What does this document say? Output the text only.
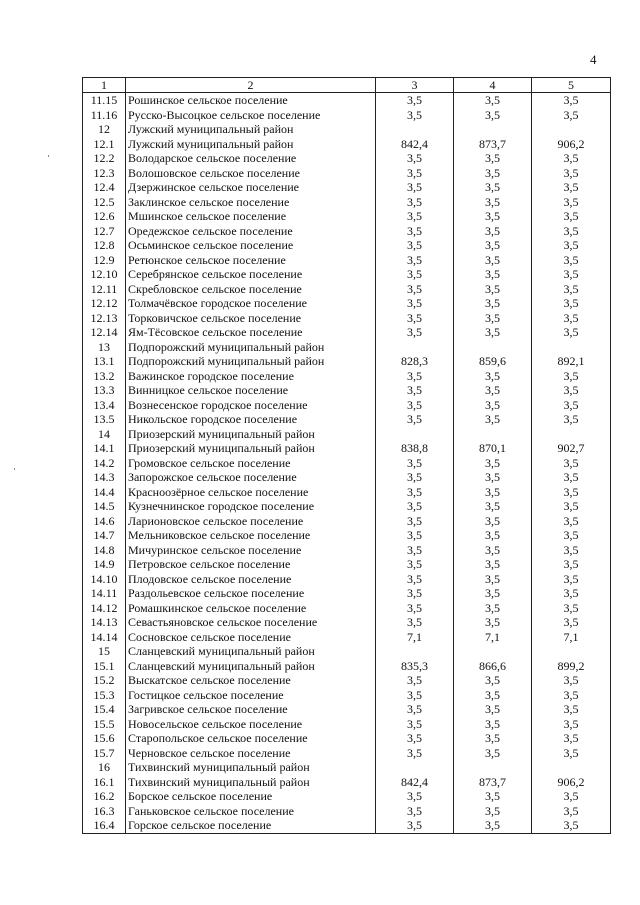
4
1	2	3	4	5
11.15	Рошинское сельское поселение	3,5	3,5	3,5
11.16	Русско-Высоцкое сельское поселение	3,5	3,5	3,5
12	Лужский муниципальный район			
12.1	Лужский муниципальный район	842,4	873,7	906,2
12.2	Володарское сельское поселение	3,5	3,5	3,5
12.3	Волошовское сельское поселение	3,5	3,5	3,5
12.4	Дзержинское сельское поселение	3,5	3,5	3,5
12.5	Заклинское сельское поселение	3,5	3,5	3,5
12.6	Мшинское сельское поселение	3,5	3,5	3,5
12.7	Оредежское сельское поселение	3,5	3,5	3,5
12.8	Осьминское сельское поселение	3,5	3,5	3,5
12.9	Ретюнское сельское поселение	3,5	3,5	3,5
12.10	Серебрянское сельское поселение	3,5	3,5	3,5
12.11	Скребловское сельское поселение	3,5	3,5	3,5
12.12	Толмачёвское городское поселение	3,5	3,5	3,5
12.13	Торковичское сельское поселение	3,5	3,5	3,5
12.14	Ям-Тёсовское сельское поселение	3,5	3,5	3,5
13	Подпорожский муниципальный район			
13.1	Подпорожский муниципальный район	828,3	859,6	892,1
13.2	Важинское городское поселение	3,5	3,5	3,5
13.3	Винницкое сельское поселение	3,5	3,5	3,5
13.4	Вознесенское городское поселение	3,5	3,5	3,5
13.5	Никольское городское поселение	3,5	3,5	3,5
14	Приозерский муниципальный район			
14.1	Приозерский муниципальный район	838,8	870,1	902,7
14.2	Громовское сельское поселение	3,5	3,5	3,5
14.3	Запорожское сельское поселение	3,5	3,5	3,5
14.4	Красноозёрное сельское поселение	3,5	3,5	3,5
14.5	Кузнечнинское городское поселение	3,5	3,5	3,5
14.6	Ларионовское сельское поселение	3,5	3,5	3,5
14.7	Мельниковское сельское поселение	3,5	3,5	3,5
14.8	Мичуринское сельское поселение	3,5	3,5	3,5
14.9	Петровское сельское поселение	3,5	3,5	3,5
14.10	Плодовское сельское поселение	3,5	3,5	3,5
14.11	Раздольевское сельское поселение	3,5	3,5	3,5
14.12	Ромашкинское сельское поселение	3,5	3,5	3,5
14.13	Севастьяновское сельское поселение	3,5	3,5	3,5
14.14	Сосновское сельское поселение	7,1	7,1	7,1
15	Сланцевский муниципальный район			
15.1	Сланцевский муниципальный район	835,3	866,6	899,2
15.2	Выскатское сельское поселение	3,5	3,5	3,5
15.3	Гостицкое сельское поселение	3,5	3,5	3,5
15.4	Загривское сельское поселение	3,5	3,5	3,5
15.5	Новосельское сельское поселение	3,5	3,5	3,5
15.6	Старопольское сельское поселение	3,5	3,5	3,5
15.7	Черновское сельское поселение	3,5	3,5	3,5
16	Тихвинский муниципальный район			
16.1	Тихвинский муниципальный район	842,4	873,7	906,2
16.2	Борское сельское поселение	3,5	3,5	3,5
16.3	Ганьковское сельское поселение	3,5	3,5	3,5
16.4	Горское сельское поселение	3,5	3,5	3,5
